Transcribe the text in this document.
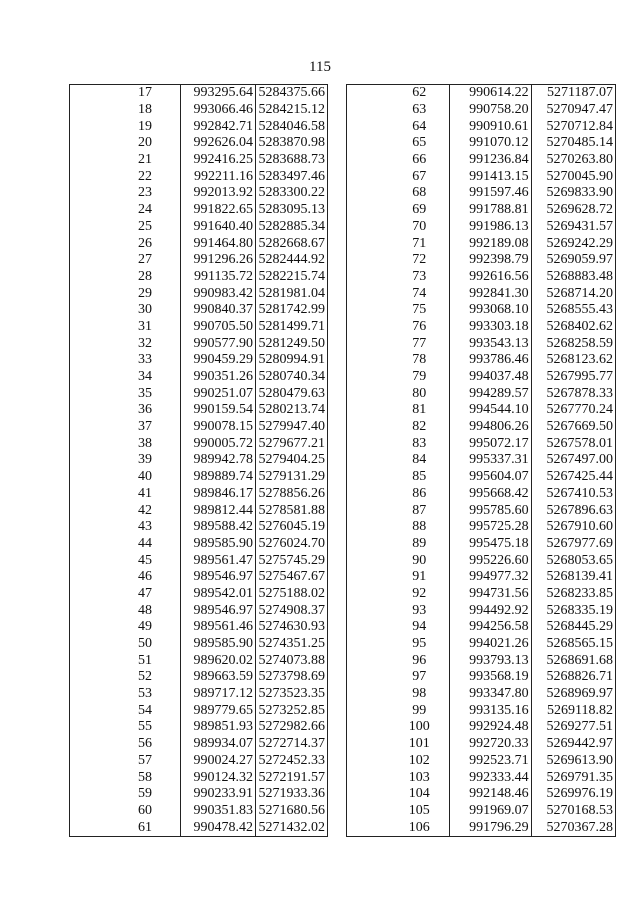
115
	17	993295.64	5284375.66
	18	993066.46	5284215.12
	19	992842.71	5284046.58
	20	992626.04	5283870.98
	21	992416.25	5283688.73
	22	992211.16	5283497.46
	23	992013.92	5283300.22
	24	991822.65	5283095.13
	25	991640.40	5282885.34
	26	991464.80	5282668.67
	27	991296.26	5282444.92
	28	991135.72	5282215.74
	29	990983.42	5281981.04
	30	990840.37	5281742.99
	31	990705.50	5281499.71
	32	990577.90	5281249.50
	33	990459.29	5280994.91
	34	990351.26	5280740.34
	35	990251.07	5280479.63
	36	990159.54	5280213.74
	37	990078.15	5279947.40
	38	990005.72	5279677.21
	39	989942.78	5279404.25
	40	989889.74	5279131.29
	41	989846.17	5278856.26
	42	989812.44	5278581.88
	43	989588.42	5276045.19
	44	989585.90	5276024.70
	45	989561.47	5275745.29
	46	989546.97	5275467.67
	47	989542.01	5275188.02
	48	989546.97	5274908.37
	49	989561.46	5274630.93
	50	989585.90	5274351.25
	51	989620.02	5274073.88
	52	989663.59	5273798.69
	53	989717.12	5273523.35
	54	989779.65	5273252.85
	55	989851.93	5272982.66
	56	989934.07	5272714.37
	57	990024.27	5272452.33
	58	990124.32	5272191.57
	59	990233.91	5271933.36
	60	990351.83	5271680.56
	61	990478.42	5271432.02
	62	990614.22	5271187.07
	63	990758.20	5270947.47
	64	990910.61	5270712.84
	65	991070.12	5270485.14
	66	991236.84	5270263.80
	67	991413.15	5270045.90
	68	991597.46	5269833.90
	69	991788.81	5269628.72
	70	991986.13	5269431.57
	71	992189.08	5269242.29
	72	992398.79	5269059.97
	73	992616.56	5268883.48
	74	992841.30	5268714.20
	75	993068.10	5268555.43
	76	993303.18	5268402.62
	77	993543.13	5268258.59
	78	993786.46	5268123.62
	79	994037.48	5267995.77
	80	994289.57	5267878.33
	81	994544.10	5267770.24
	82	994806.26	5267669.50
	83	995072.17	5267578.01
	84	995337.31	5267497.00
	85	995604.07	5267425.44
	86	995668.42	5267410.53
	87	995785.60	5267896.63
	88	995725.28	5267910.60
	89	995475.18	5267977.69
	90	995226.60	5268053.65
	91	994977.32	5268139.41
	92	994731.56	5268233.85
	93	994492.92	5268335.19
	94	994256.58	5268445.29
	95	994021.26	5268565.15
	96	993793.13	5268691.68
	97	993568.19	5268826.71
	98	993347.80	5268969.97
	99	993135.16	5269118.82
	100	992924.48	5269277.51
	101	992720.33	5269442.97
	102	992523.71	5269613.90
	103	992333.44	5269791.35
	104	992148.46	5269976.19
	105	991969.07	5270168.53
	106	991796.29	5270367.28
